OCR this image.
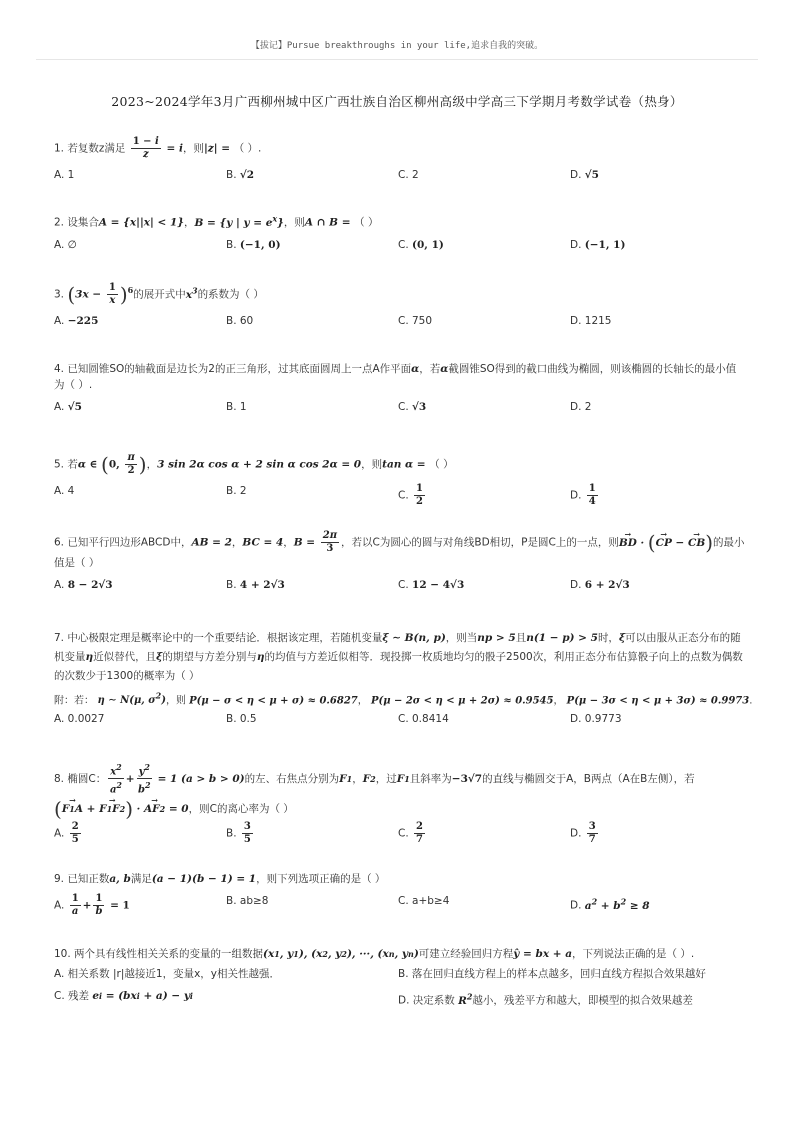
【拔记】Pursue breakthroughs in your life,追求自我的突破。
2023~2024学年3月广西柳州城中区广西壮族自治区柳州高级中学高三下学期月考数学试卷（热身）
1. 若复数z满足 $\frac{1 - i}{z} = i$，则|z| = （ ）.
A. 1	B. √2	C. 2	D. √5
2. 设集合A = {x||x| < 1}，B = {y | $y = e^x$}，则A ∩ B = （ ）
A. ∅	B. (−1, 0)	C. (0, 1)	D. (−1, 1)
3. $(3x - \frac{1}{x} )^6$的展开式中$x^3$的系数为（ ）
A. −225	B. 60	C. 750	D. 1215
4. 已知圆锥SO的轴截面是边长为2的正三角形，过其底面圆周上一点A作平面α，若α截圆锥SO得到的截口曲线为椭圆，则该椭圆的长轴长的最小值为（ ）.
A. √5	B. 1	C. √3	D. 2
5. 若α ∈ (0, $\frac{\pi}{2}$ )，3 sin 2α cos α + 2 sin α cos 2α = 0，则tan α = （ ）
A. 4	B. 2	C. $\frac{1}{2}$	D. $\frac{1}{4}$
6. 已知平行四边形ABCD中，AB = 2，BC = 4，$B = \frac{2\pi}{3}$ ，若以C为圆心的圆与对角线BD相切，P是圆C上的一点，则→ BD · (→ CP − → CB)的最小
值是（ ）
A. 8 − 2√3	B. 4 + 2√3	C. 12 − 4√3	D. 6 + 2√3
7. 中心极限定理是概率论中的一个重要结论．根据该定理，若随机变量ξ ∼ B(n, p)，则当np > 5且n(1 − p) > 5时，ξ可以由服从正态分布的随机变量η近似替代，且ξ的期望与方差分别与η的均值与方差近似相等．现投掷一枚质地均匀的骰子2500次，利用正态分布估算骰子向上的点数为偶数的次数少于1300的概率为（ ）
附：若： η ∼ N(μ, $\sigma^2$)，则 P(μ − σ < η < μ + σ) ≈ 0.6827， P(μ − 2σ < η < μ + 2σ) ≈ 0.9545， P(μ − 3σ < η < μ + 3σ) ≈ 0.9973.
A. 0.0027	B. 0.5	C. 0.8414	D. 0.9773
8. 椭圆C： $\frac{x^2}{a^2} + \frac{y^2}{b^2} = 1$ (a > b > 0)的左、右焦点分别为F1，F2，过F1且斜率为−3√7的直线与椭圆交于A，B两点（A在B左侧），若
(→ F1A + → F1F2) · → AF2 = 0，则C的离心率为（ ）
A. $\frac{2}{5}$	B. $\frac{3}{5}$	C. $\frac{2}{7}$	D. $\frac{3}{7}$
9. 已知正数a, b满足(a − 1)(b − 1) = 1，则下列选项正确的是（ ）
A. $\frac{1}{a} + \frac{1}{b} = 1$	B. ab≥8	C. a+b≥4	D. $a^2 + b^2 \ge 8$
10. 两个具有线性相关关系的变量的一组数据(x1, y1), (x2, y2), ···, (xn, yn)可建立经验回归方程ŷ = bx + a，下列说法正确的是（ ）.
A. 相关系数 |r|越接近1，变量x，y相关性越强．	B. 落在回归直线方程上的样本点越多，回归直线方程拟合效果越好
C. 残差 ei = (bxi + a) − yi	D. 决定系数 $R^2$越小，残差平方和越大，即模型的拟合效果越差
